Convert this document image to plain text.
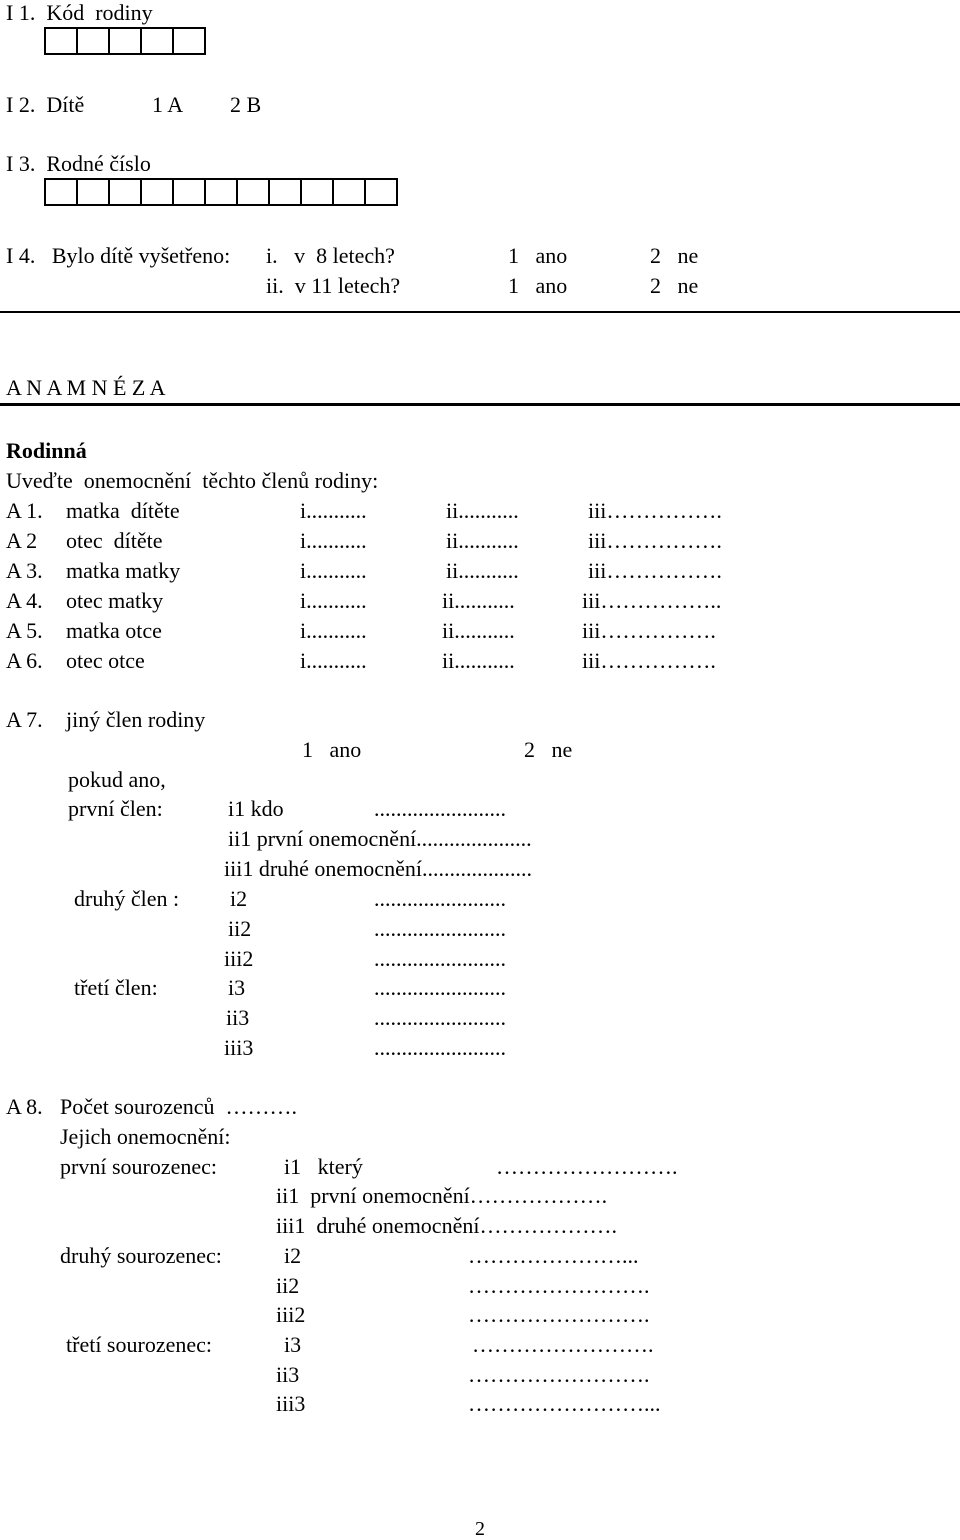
I 1.  Kód  rodiny
I 2.  Dítě	1 A 2 B
I 3.  Rodné číslo
I 4.   Bylo dítě vyšetřeno: i.   v  8 letech?	1   ano	2   ne
ii.  v 11 letech?	1   ano	2   ne
A N A M N É Z A
Rodinná
Uveďte  onemocnění  těchto členů rodiny:
A 1. matka  dítěte	i...........	ii...........	iii…………….
A 2 otec  dítěte	i...........	ii...........	iii…………….
A 3. matka matky	i...........	ii...........	iii…………….
A 4. otec matky	i...........	ii...........	iii……………..
A 5. matka otce	i...........	ii...........	iii…………….
A 6. otec otce	i...........	ii...........	iii…………….
A 7. jiný člen rodiny
1   ano	2   ne
pokud ano,
první člen:	i1 kdo	........................
ii1 první onemocnění.....................
iii1 druhé onemocnění....................
druhý člen : i2	........................
ii2	........................
iii2	........................
třetí člen:	i3	........................
ii3	........................
iii3	........................
A 8. Počet sourozenců  ……….
Jejich onemocnění:
první sourozenec:	i1   který	…………………….
ii1  první onemocnění……………….
iii1  druhé onemocnění……………….
druhý sourozenec:	i2	…………………...
ii2	…………………….
iii2	…………………….
třetí sourozenec:	i3	…………………….
ii3	…………………….
iii3	……………………...
2
